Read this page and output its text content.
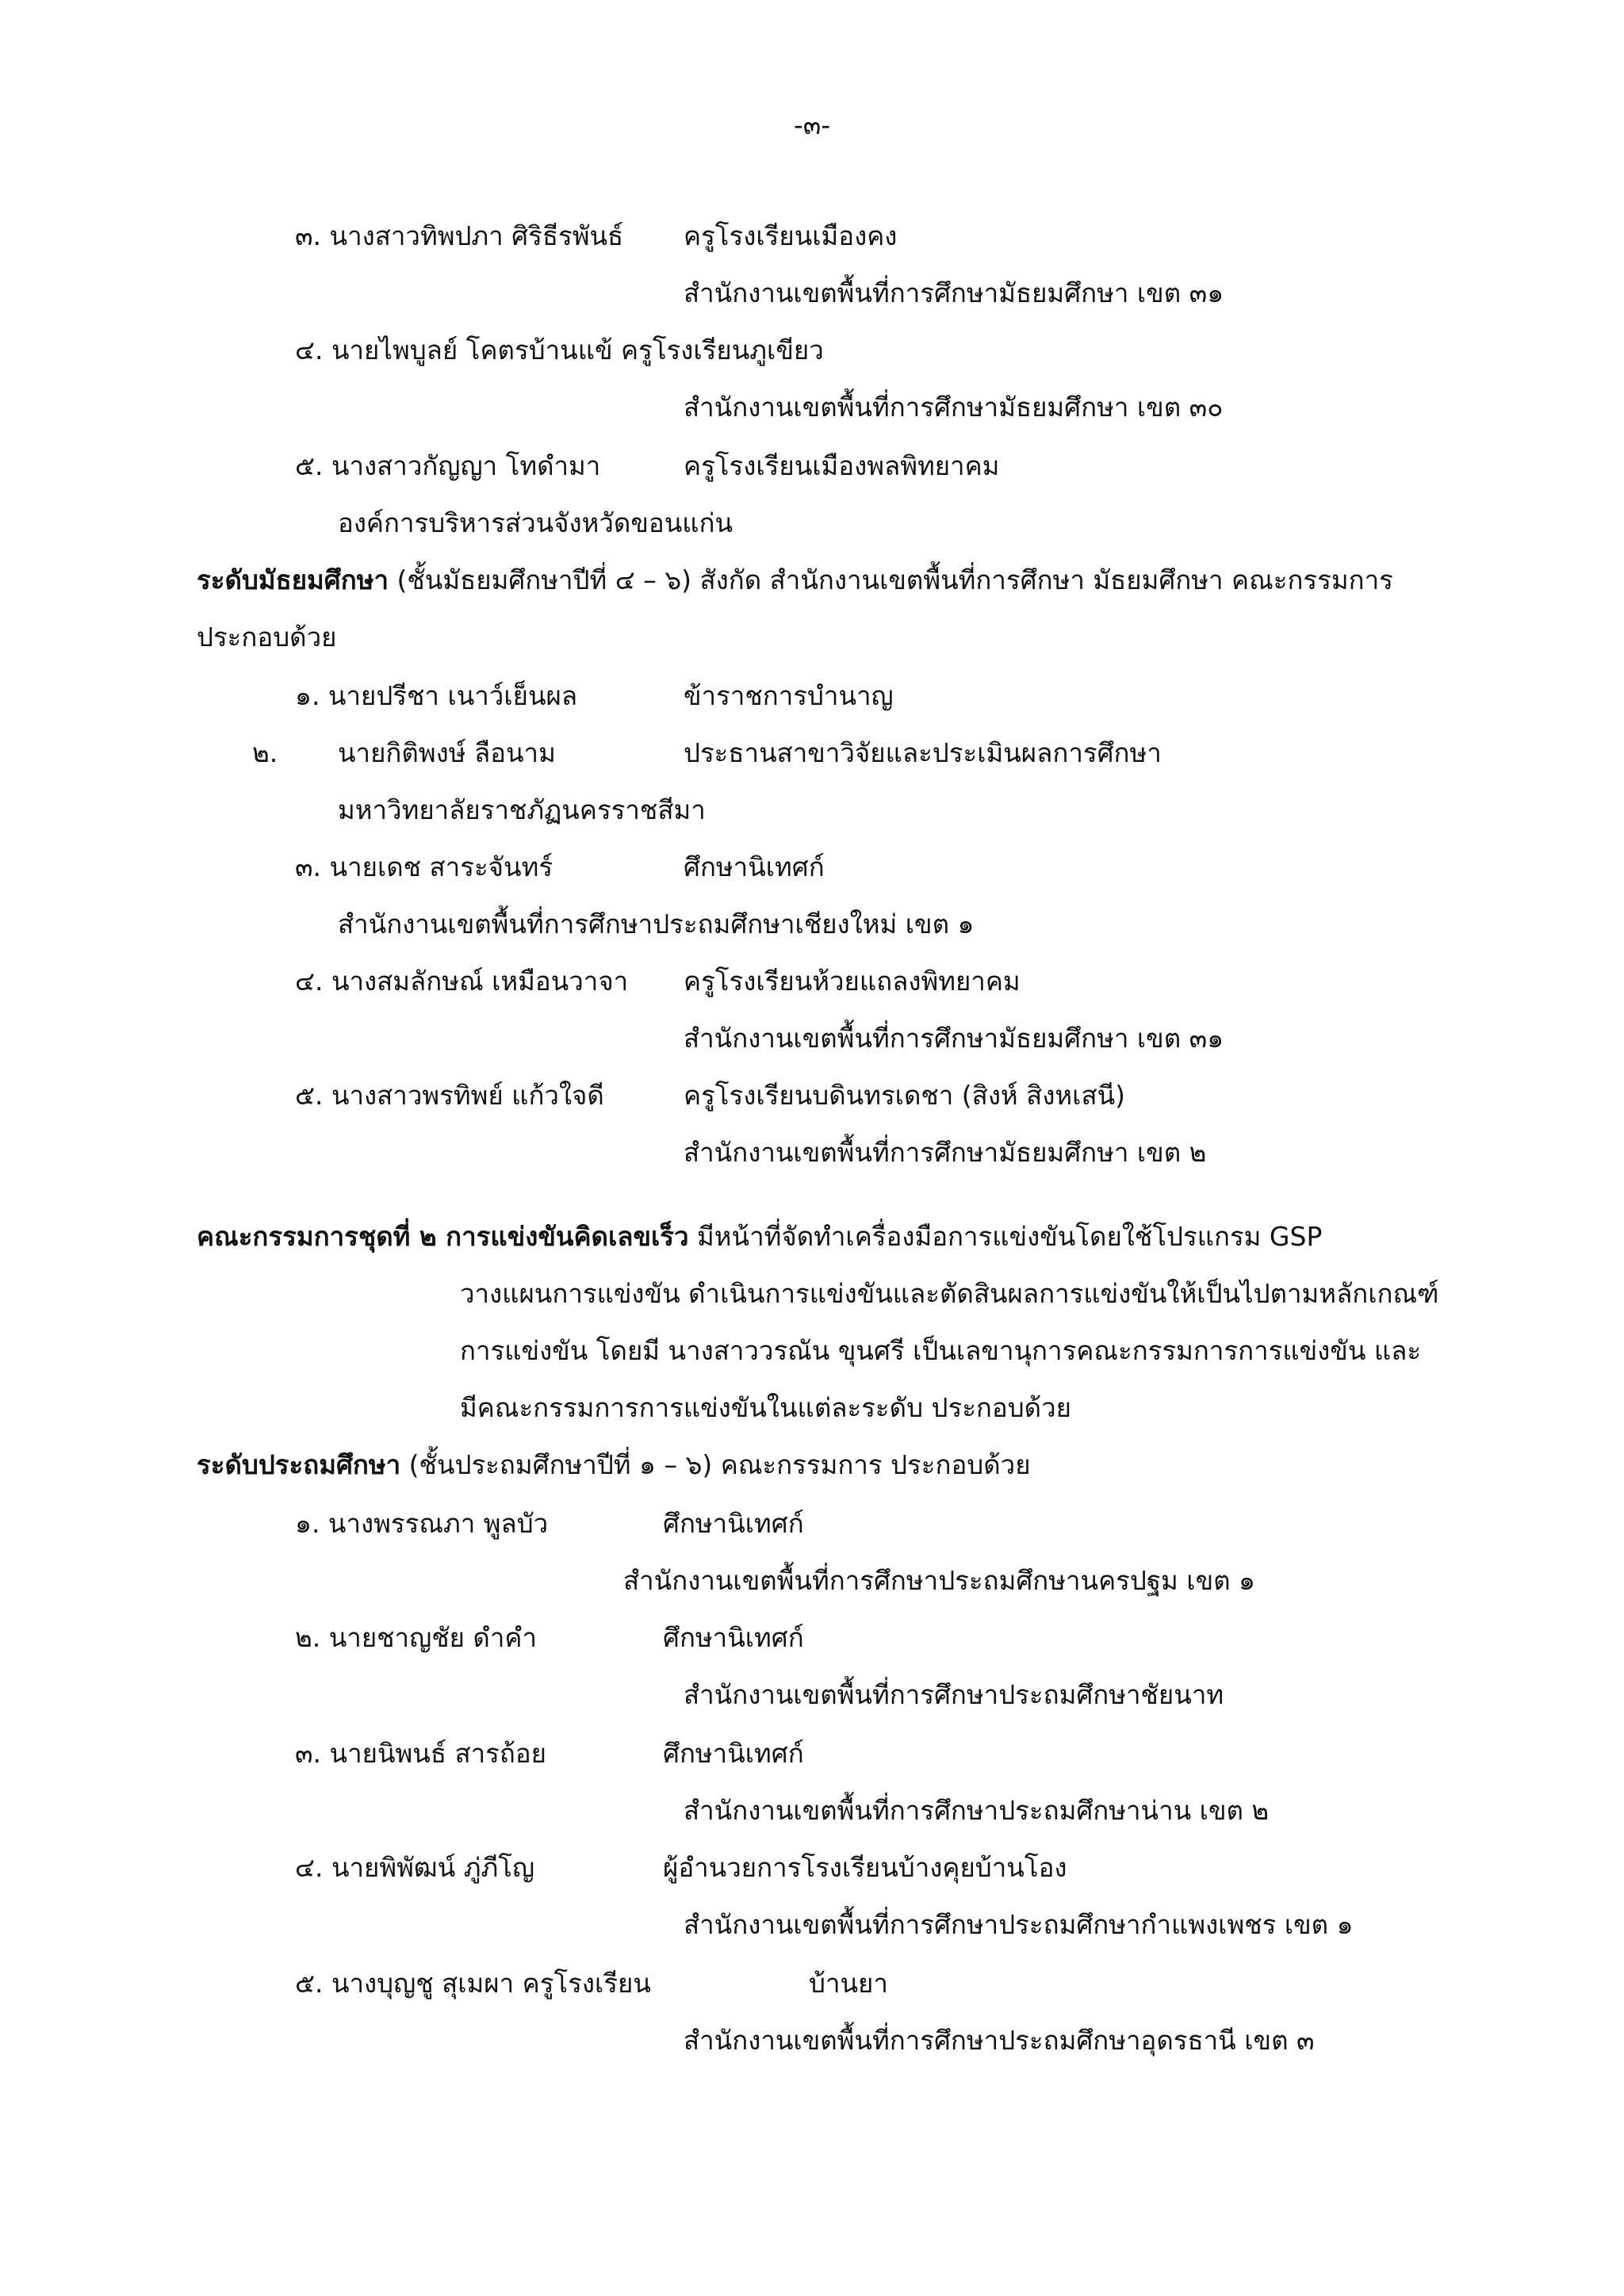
-๓-
๓. นางสาวทิพปภา ศิริธีรพันธ์ ครูโรงเรียนเมืองคง
สำนักงานเขตพื้นที่การศึกษามัธยมศึกษา เขต ๓๑
๔. นายไพบูลย์ โคตรบ้านแข้ ครูโรงเรียนภูเขียว
สำนักงานเขตพื้นที่การศึกษามัธยมศึกษา เขต ๓๐
๕. นางสาวกัญญา โทดำมา	ครูโรงเรียนเมืองพลพิทยาคม
องค์การบริหารส่วนจังหวัดขอนแก่น
ระดับมัธยมศึกษา (ชั้นมัธยมศึกษาปีที่ ๔ – ๖) สังกัด สำนักงานเขตพื้นที่การศึกษา มัธยมศึกษา คณะกรรมการ
ประกอบด้วย
๑. นายปรีชา เนาว์เย็นผล	ข้าราชการบำนาญ
๒. นายกิติพงษ์ ลือนาม	ประธานสาขาวิจัยและประเมินผลการศึกษา
มหาวิทยาลัยราชภัฏนครราชสีมา
๓. นายเดช สาระจันทร์	ศึกษานิเทศก์
สำนักงานเขตพื้นที่การศึกษาประถมศึกษาเชียงใหม่ เขต ๑
๔. นางสมลักษณ์ เหมือนวาจา ครูโรงเรียนห้วยแถลงพิทยาคม
สำนักงานเขตพื้นที่การศึกษามัธยมศึกษา เขต ๓๑
๕. นางสาวพรทิพย์ แก้วใจดี	ครูโรงเรียนบดินทรเดชา (สิงห์ สิงหเสนี)
สำนักงานเขตพื้นที่การศึกษามัธยมศึกษา เขต ๒
คณะกรรมการชุดที่ ๒ การแข่งขันคิดเลขเร็ว มีหน้าที่จัดทำเครื่องมือการแข่งขันโดยใช้โปรแกรม GSP
วางแผนการแข่งขัน ดำเนินการแข่งขันและตัดสินผลการแข่งขันให้เป็นไปตามหลักเกณฑ์
การแข่งขัน โดยมี นางสาววรณัน ขุนศรี เป็นเลขานุการคณะกรรมการการแข่งขัน และ
มีคณะกรรมการการแข่งขันในแต่ละระดับ ประกอบด้วย
ระดับประถมศึกษา (ชั้นประถมศึกษาปีที่ ๑ – ๖) คณะกรรมการ ประกอบด้วย
๑. นางพรรณภา พูลบัว	ศึกษานิเทศก์
สำนักงานเขตพื้นที่การศึกษาประถมศึกษานครปฐม เขต ๑
๒. นายชาญชัย ดำคำ	ศึกษานิเทศก์
สำนักงานเขตพื้นที่การศึกษาประถมศึกษาชัยนาท
๓. นายนิพนธ์ สารถ้อย	ศึกษานิเทศก์
สำนักงานเขตพื้นที่การศึกษาประถมศึกษาน่าน เขต ๒
๔. นายพิพัฒน์ ภู่ภีโญ	ผู้อำนวยการโรงเรียนบ้างคุยบ้านโอง
สำนักงานเขตพื้นที่การศึกษาประถมศึกษากำแพงเพชร เขต ๑
๕. นางบุญชู สุเมผา ครูโรงเรียน	บ้านยา
สำนักงานเขตพื้นที่การศึกษาประถมศึกษาอุดรธานี เขต ๓
